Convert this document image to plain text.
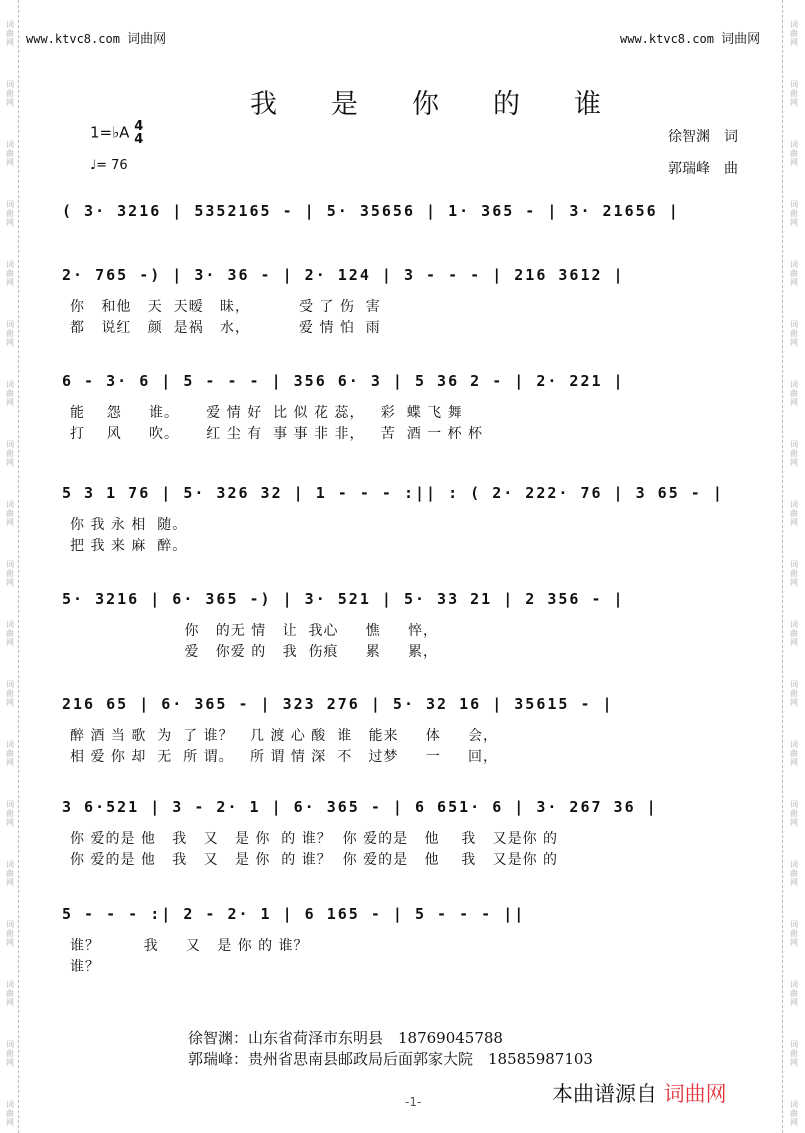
词
曲
网
词
曲
网
词
曲
网
词
曲
网
词
曲
网
词
曲
网
词
曲
网
词
曲
网
词
曲
网
词
曲
网
词
曲
网
词
曲
网
词
曲
网
词
曲
网
词
曲
网
词
曲
网
词
曲
网
词
曲
网
词
曲
网
词
曲
网
词
曲
网
词
曲
网
词
曲
网
词
曲
网
词
曲
网
词
曲
网
词
曲
网
词
曲
网
词
曲
网
词
曲
网
词
曲
网
词
曲
网
词
曲
网
词
曲
网
词
曲
网
词
曲
网
词
曲
网
词
曲
网
www.ktvc8.com 词曲网	www.ktvc8.com 词曲网
我是你的谁
1=♭A 4
4
♩= 76
徐智渊　词
郭瑞峰　曲
( 3· 3216 | 5352165 - | 5· 35656 | 1· 365 - | 3· 21656 |
2· 765 -) | 3· 36 - | 2· 124 | 3 - - - | 216 3612 |
你   和他   天  天暧   昧，         受 了 伤  害
都   说红   颜  是祸   水，         爱 情 怕  雨
6 - 3· 6 | 5 - - - | 356 6· 3 | 5 36 2 - | 2· 221 |
能    怨     谁。     爱 情 好  比 似 花 蕊，   彩  蝶 飞 舞
打    风     吹。     红 尘 有  事 事 非 非，   苦  酒 一 杯 杯
5 3 1 76 | 5· 326 32 | 1 - - - :|| : ( 2· 222· 76 | 3 65 - |
你 我 永 相  随。
把 我 来 麻  醉。
5· 3216 | 6· 365 -) | 3· 521 | 5· 33 21 | 2 356 - |
你   的无 情   让  我心     憔     悴，
爱   你爱 的   我  伤痕     累     累，
216 65 | 6· 365 - | 323 276 | 5· 32 16 | 35615 - |
醉 酒 当 歌  为  了 谁？   几 渡 心 酸  谁   能来     体     会，
相 爱 你 却  无  所 谓。   所 谓 情 深  不   过梦     一     回，
3 6·521 | 3 - 2· 1 | 6· 365 - | 6 651· 6 | 3· 267 36 |
你 爱的是 他   我   又   是 你  的 谁？  你 爱的是   他    我   又是你 的
你 爱的是 他   我   又   是 你  的 谁？  你 爱的是   他    我   又是你 的
5 - - - :| 2 - 2· 1 | 6 165 - | 5 - - - ||
谁？        我     又   是 你 的 谁？
谁？
徐智渊：山东省荷泽市东明县　18769045788
郭瑞峰：贵州省思南县邮政局后面郭家大院　18585987103
-1-	本曲谱源自 词曲网
